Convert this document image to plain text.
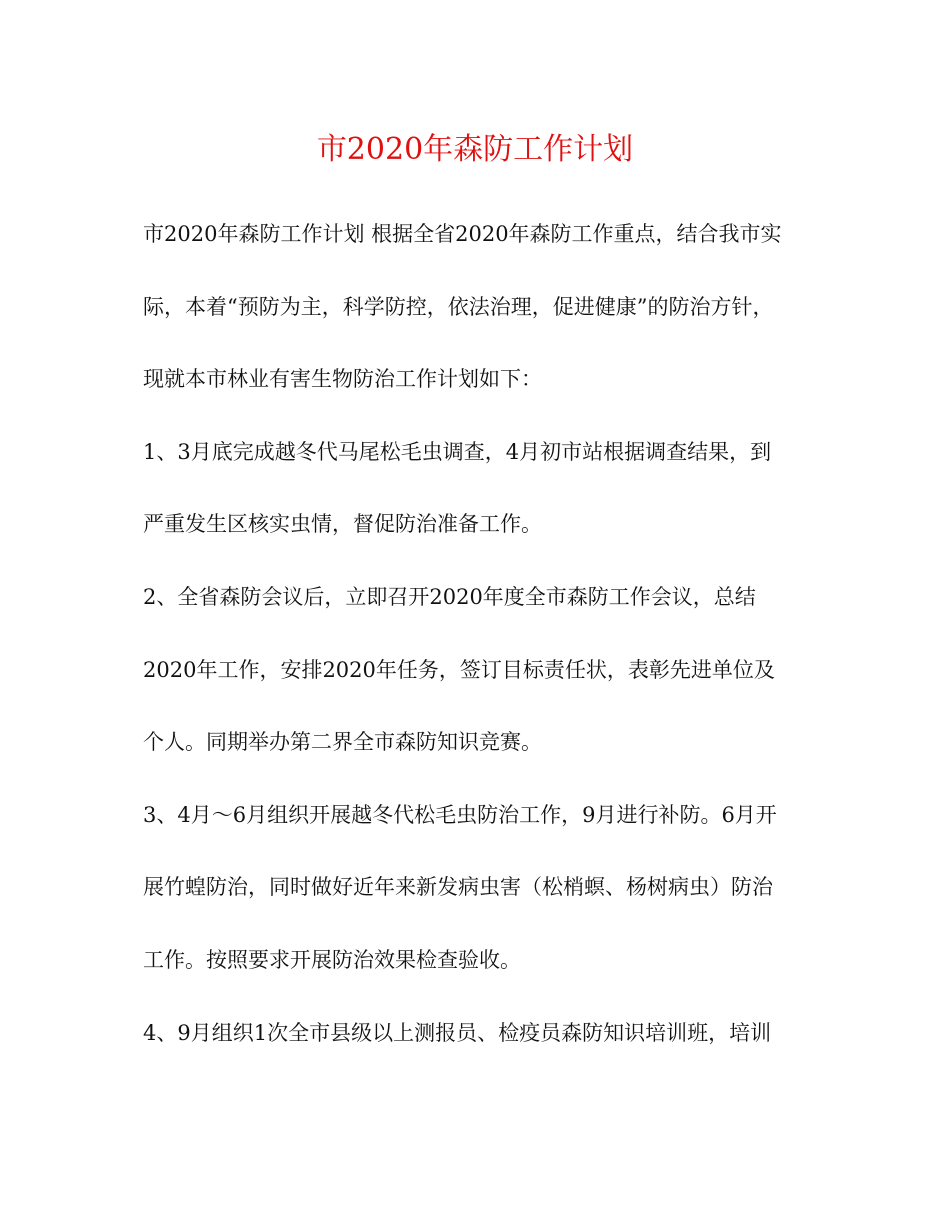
市2020年森防工作计划
市2020年森防工作计划 根据全省2020年森防工作重点，结合我市实
际，本着“预防为主，科学防控，依法治理，促进健康”的防治方针，
现就本市林业有害生物防治工作计划如下：
1、3月底完成越冬代马尾松毛虫调查，4月初市站根据调查结果，到
严重发生区核实虫情，督促防治准备工作。
2、全省森防会议后，立即召开2020年度全市森防工作会议，总结
2020年工作，安排2020年任务，签订目标责任状，表彰先进单位及
个人。同期举办第二界全市森防知识竞赛。
3、4月～6月组织开展越冬代松毛虫防治工作，9月进行补防。6月开
展竹蝗防治，同时做好近年来新发病虫害（松梢螟、杨树病虫）防治
工作。按照要求开展防治效果检查验收。
4、9月组织1次全市县级以上测报员、检疫员森防知识培训班，培训
